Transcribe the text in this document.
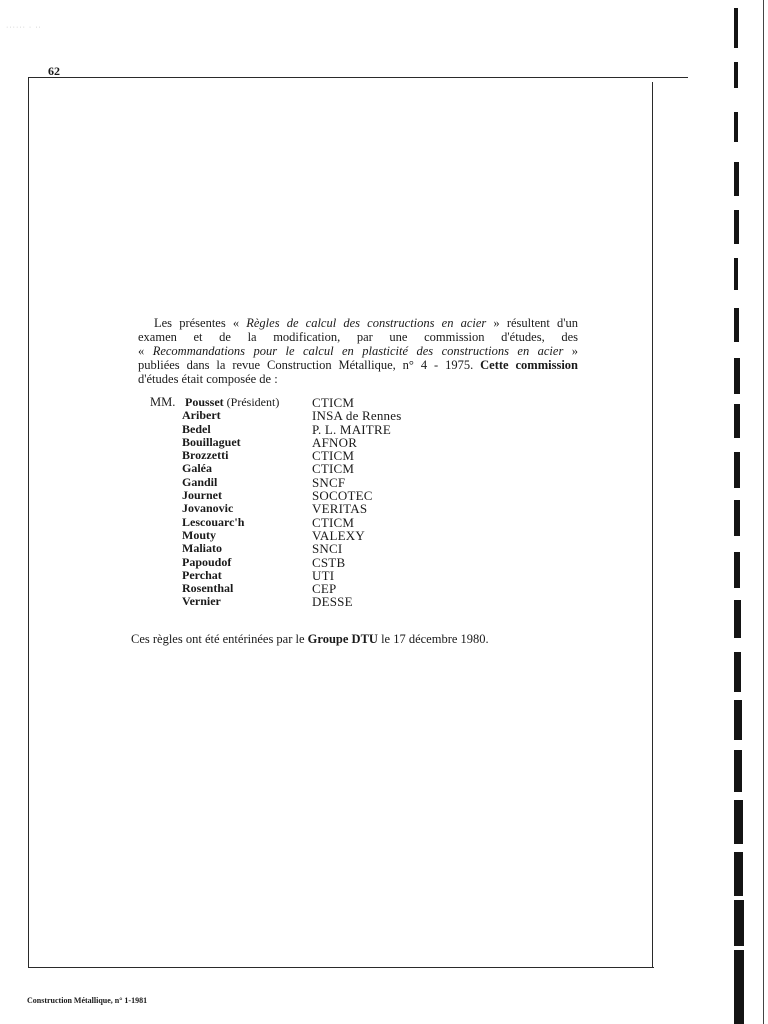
······ · ··
62
Les présentes « Règles de calcul des constructions en acier » résultent d'un
examen et de la modification, par une commission d'études, des
« Recommandations pour le calcul en plasticité des constructions en acier »
publiées dans la revue Construction Métallique, n° 4 - 1975. Cette commission
d'études était composée de :
MM. Pousset (Président)	CTICM
Aribert	INSA de Rennes
Bedel	P. L. MAITRE
Bouillaguet	AFNOR
Brozzetti	CTICM
Galéa	CTICM
Gandil	SNCF
Journet	SOCOTEC
Jovanovic	VERITAS
Lescouarc'h	CTICM
Mouty	VALEXY
Maliato	SNCI
Papoudof	CSTB
Perchat	UTI
Rosenthal	CEP
Vernier	DESSE
Ces règles ont été entérinées par le Groupe DTU le 17 décembre 1980.
Construction Métallique, n° 1-1981
